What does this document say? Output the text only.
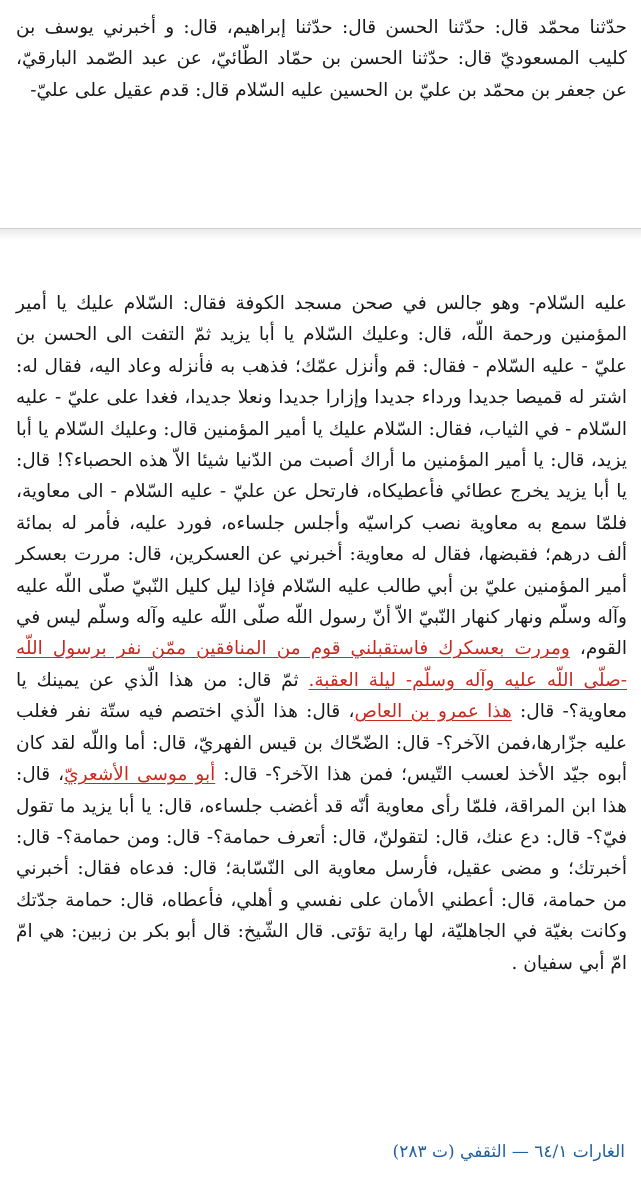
حدّثنا محمّد قال: حدّثنا الحسن قال: حدّثنا إبراهيم، قال: و أخبرني يوسف بن كليب المسعوديّ قال: حدّثنا الحسن بن حمّاد الطّائيّ، عن عبد الصّمد البارقيّ، عن جعفر بن محمّد بن عليّ بن الحسين عليه السّلام قال: قدم عقيل على عليّ-

عليه السّلام- وهو جالس في صحن مسجد الكوفة فقال: السّلام عليك يا أمير المؤمنين ورحمة اللّه، قال: وعليك السّلام يا أبا يزيد ثمّ التفت الى الحسن بن عليّ - عليه السّلام - فقال: قم وأنزل عمّك؛ فذهب به فأنزله وعاد اليه، فقال له: اشتر له قميصا جديدا ورداء جديدا وإزارا جديدا ونعلا جديدا، فغدا على عليّ - عليه السّلام - في الثياب، فقال: السّلام عليك يا أمير المؤمنين قال: وعليك السّلام يا أبا يزيد، قال: يا أمير المؤمنين ما أراك أصبت من الدّنيا شيئا الاّ هذه الحصباء؟! قال: يا أبا يزيد يخرج عطائي فأعطيكاه، فارتحل عن عليّ - عليه السّلام - الى معاوية، فلمّا سمع به معاوية نصب كراسيّه وأجلس جلساءه، فورد عليه، فأمر له بمائة ألف درهم؛ فقبضها، فقال له معاوية: أخبرني عن العسكرين، قال: مررت بعسكر أمير المؤمنين عليّ بن أبي طالب عليه السّلام فإذا ليل كليل النّبيّ صلّى اللّه عليه وآله وسلّم ونهار كنهار النّبيّ الاّ أنّ رسول اللّه صلّى اللّه عليه وآله وسلّم ليس في القوم، ومررت بعسكرك فاستقبلني قوم من المنافقين ممّن نفر برسول اللّه -صلّى اللّه عليه وآله وسلّم- ليلة العقبة. ثمّ قال: من هذا الّذي عن يمينك يا معاوية؟- قال: هذا عمرو بن العاص، قال: هذا الّذي اختصم فيه ستّة نفر فغلب عليه جزّارها،فمن الآخر؟- قال: الضّحّاك بن قيس الفهريّ، قال: أما واللّه لقد كان أبوه جيّد الأخذ لعسب التّيس؛ فمن هذا الآخر؟- قال: أبو موسى الأشعريّ، قال: هذا ابن المراقة، فلمّا رأى معاوية أنّه قد أغضب جلساءه، قال: يا أبا يزيد ما تقول فيّ؟- قال: دع عنك، قال: لتقولنّ، قال: أتعرف حمامة؟- قال: ومن حمامة؟- قال: أخبرتك؛ و مضى عقيل، فأرسل معاوية الى النّسّابة؛ قال: فدعاه فقال: أخبرني من حمامة، قال: أعطني الأمان على نفسي و أهلي، فأعطاه، قال: حمامة جدّتك وكانت بغيّة في الجاهليّة، لها راية تؤتى. قال الشّيخ: قال أبو بكر بن زبين: هي امّ امّ أبي سفيان .

الغارات ٦٤/١ — الثقفي (ت ٢٨٣)
